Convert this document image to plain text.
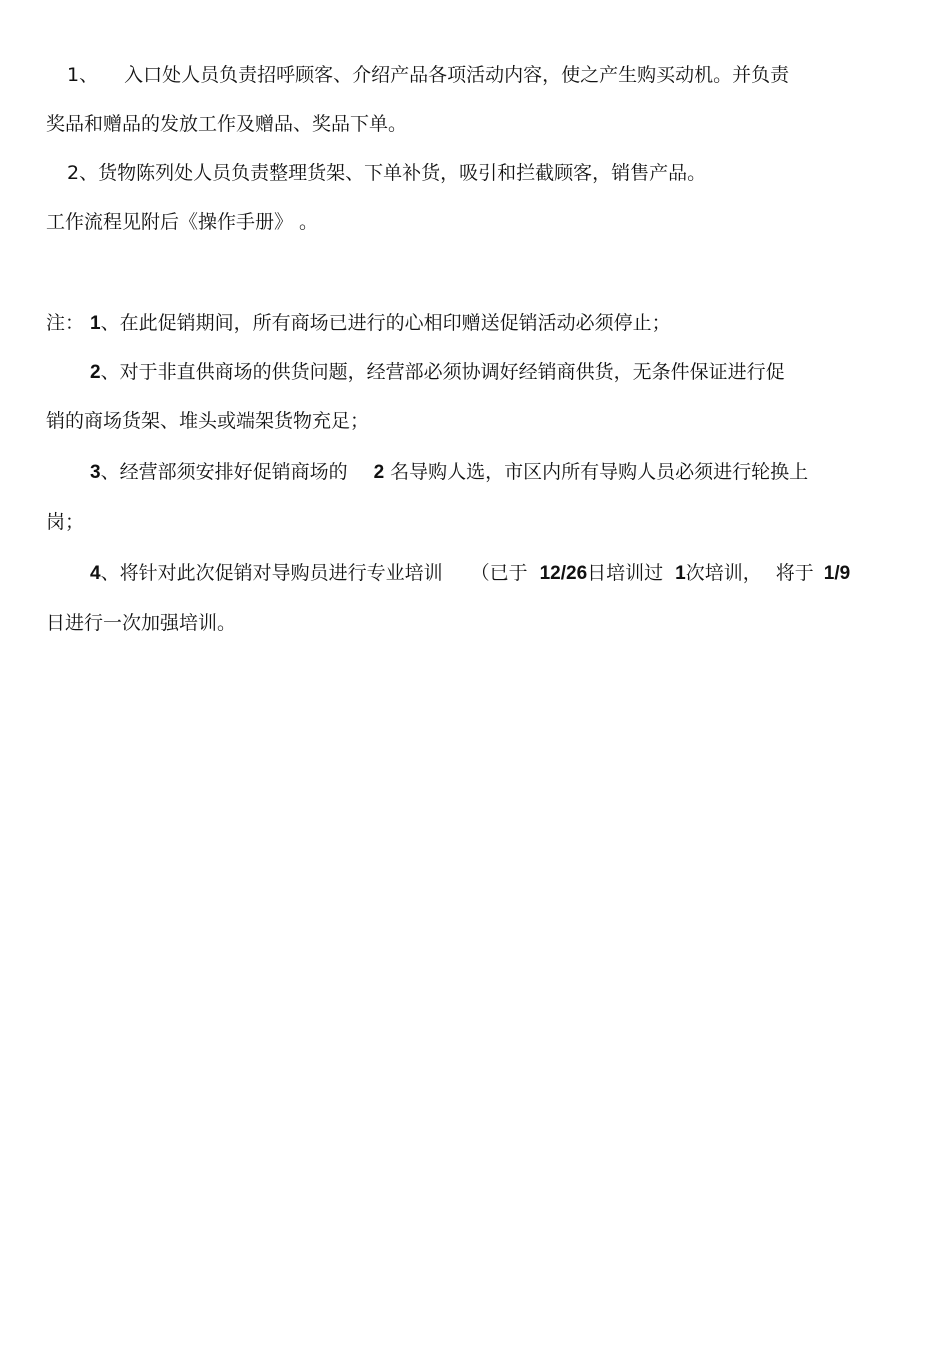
1、 入口处人员负责招呼顾客、介绍产品各项活动内容，使之产生购买动机。并负责
奖品和赠品的发放工作及赠品、奖品下单。
2、货物陈列处人员负责整理货架、下单补货，吸引和拦截顾客，销售产品。
工作流程见附后《操作手册》 。
注： 1、在此促销期间，所有商场已进行的心相印赠送促销活动必须停止；
2、对于非直供商场的供货问题，经营部必须协调好经销商供货，无条件保证进行促
销的商场货架、堆头或端架货物充足；
3、经营部须安排好促销商场的 2 名导购人选，市区内所有导购人员必须进行轮换上
岗；
4、将针对此次促销对导购员进行专业培训 （已于 12/26日培训过 1次培训， 将于 1/9
日进行一次加强培训。
